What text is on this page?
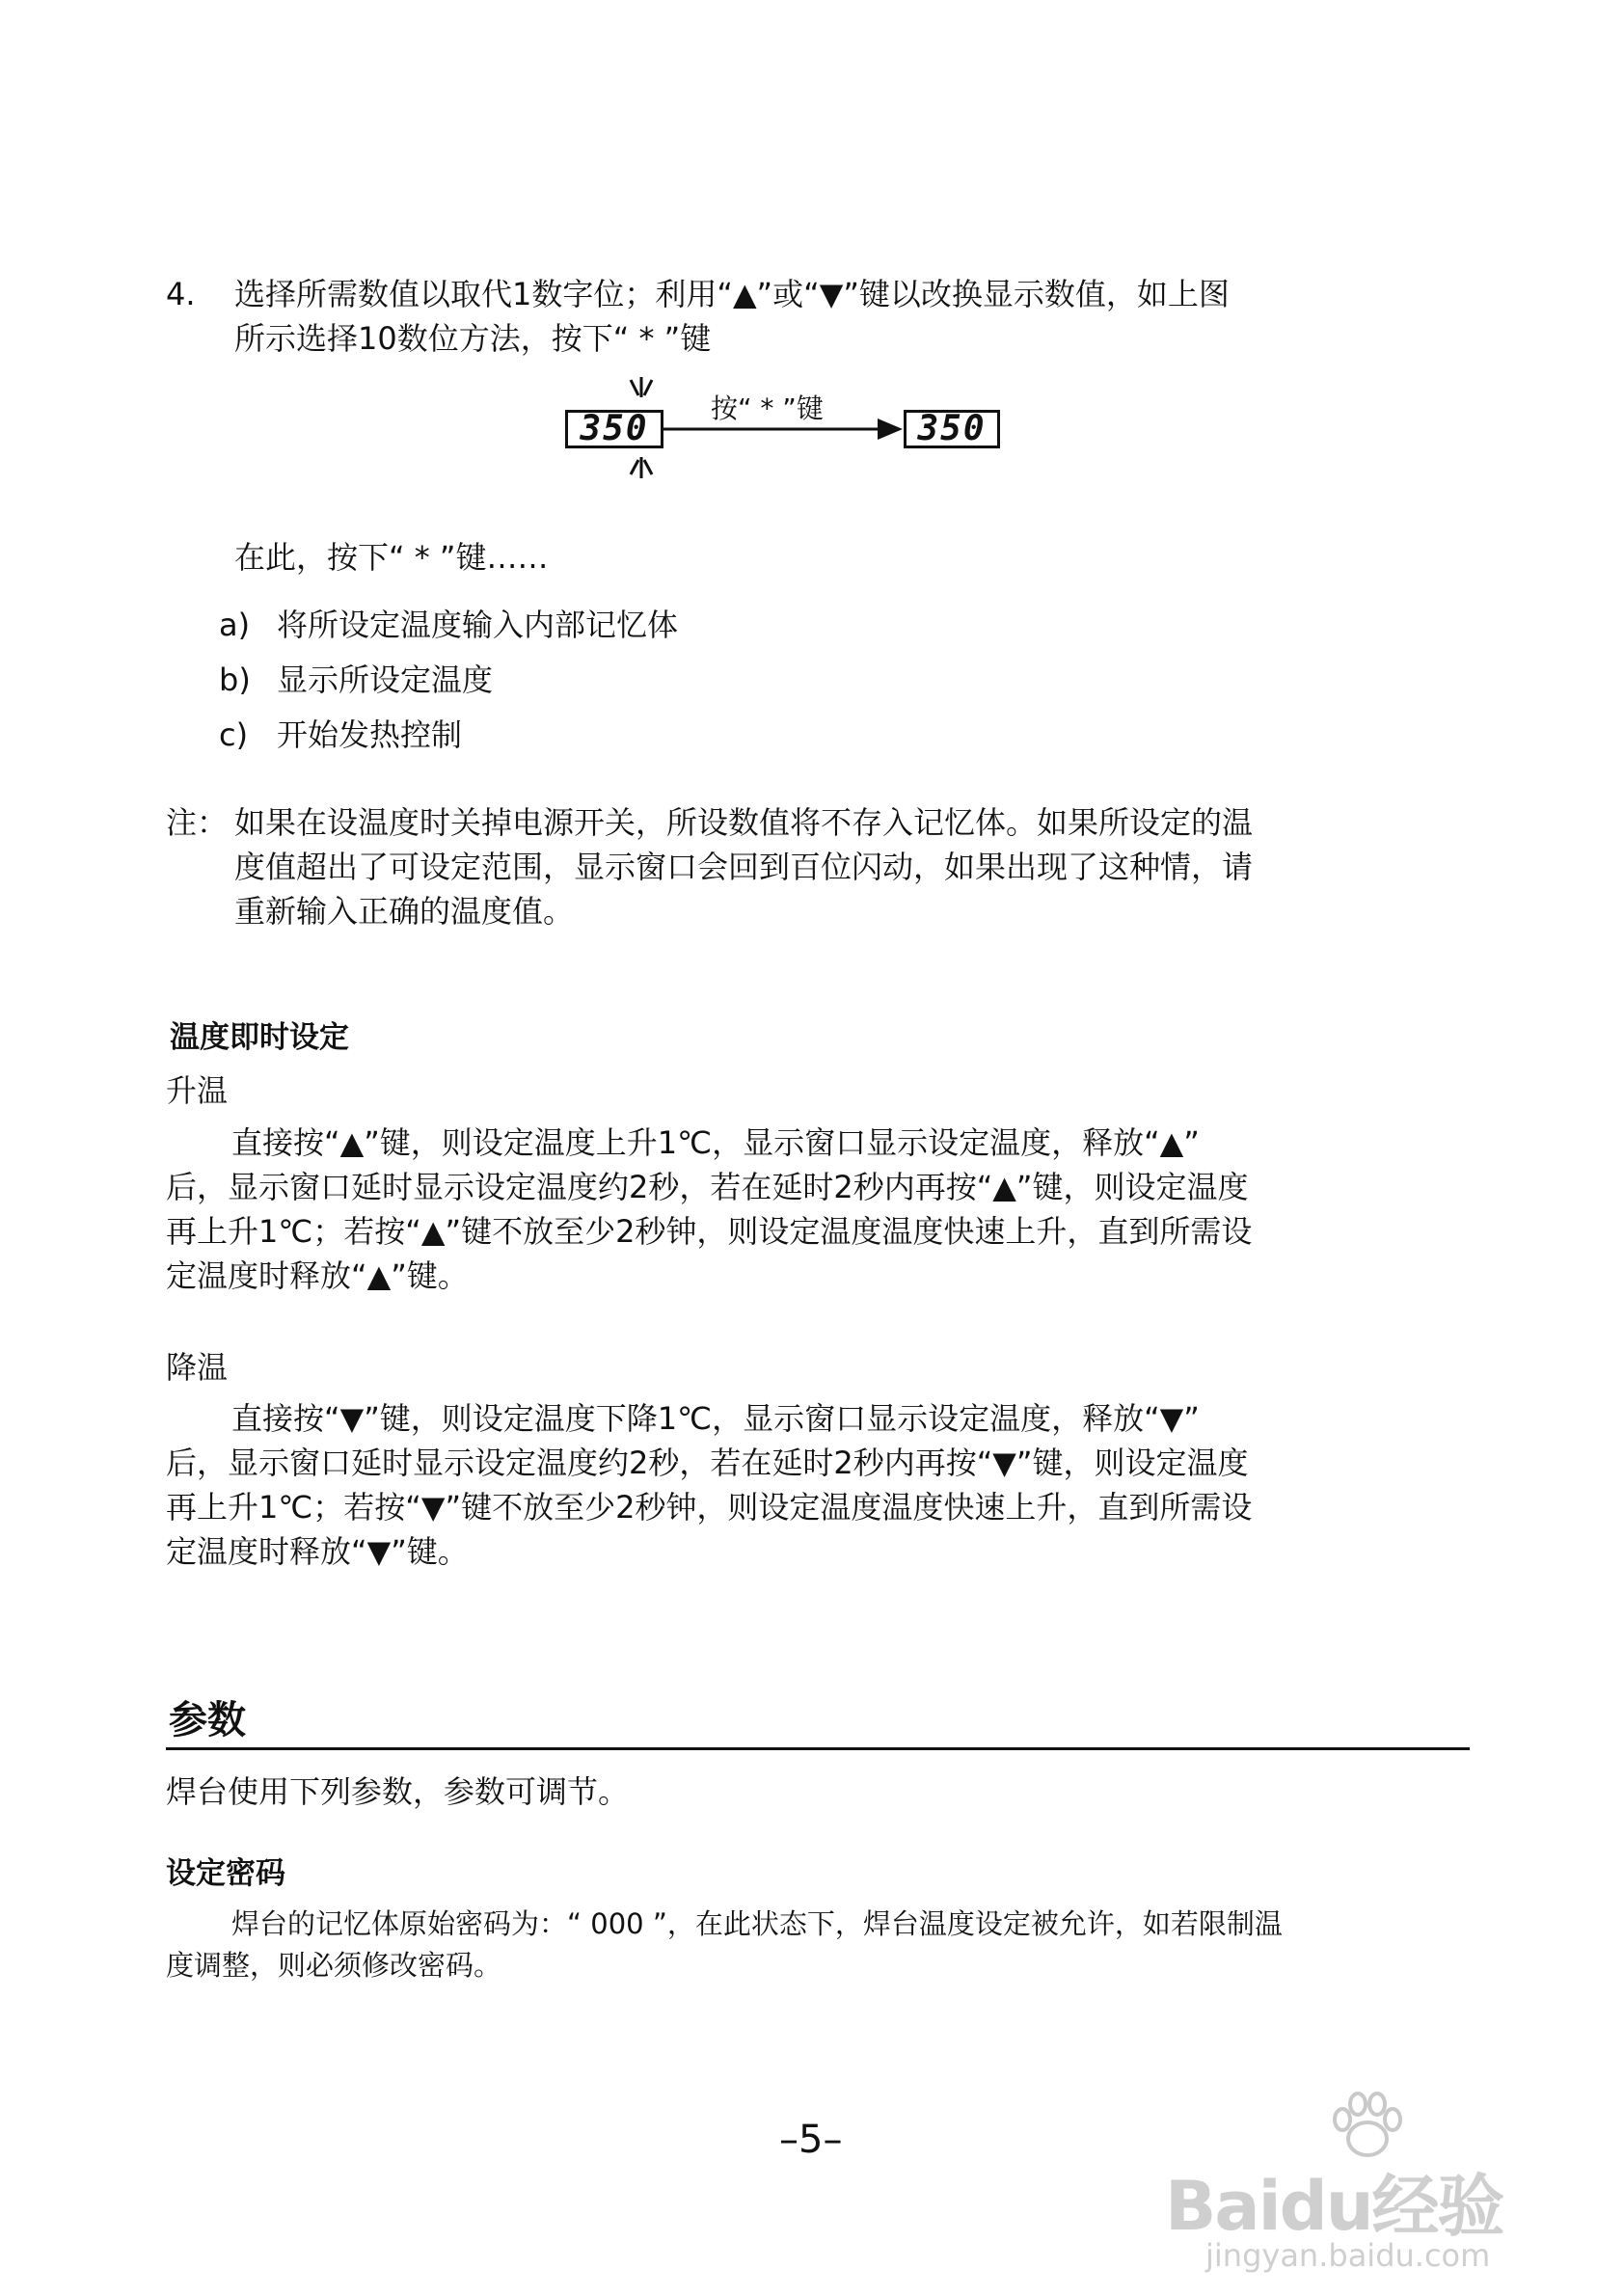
4. 选择所需数值以取代1数字位；利用“▲”或“▼”键以改换显示数值，如上图
所示选择10数位方法，按下“ * ”键
350
按“ * ”键
350
在此，按下“ * ”键……
a) 将所设定温度输入内部记忆体
b) 显示所设定温度
c) 开始发热控制
注： 如果在设温度时关掉电源开关，所设数值将不存入记忆体。如果所设定的温
度值超出了可设定范围，显示窗口会回到百位闪动，如果出现了这种情，请
重新输入正确的温度值。
温度即时设定
升温
直接按“▲”键，则设定温度上升1℃，显示窗口显示设定温度，释放“▲”
后，显示窗口延时显示设定温度约2秒，若在延时2秒内再按“▲”键，则设定温度
再上升1℃；若按“▲”键不放至少2秒钟，则设定温度温度快速上升，直到所需设
定温度时释放“▲”键。
降温
直接按“▼”键，则设定温度下降1℃，显示窗口显示设定温度，释放“▼”
后，显示窗口延时显示设定温度约2秒，若在延时2秒内再按“▼”键，则设定温度
再上升1℃；若按“▼”键不放至少2秒钟，则设定温度温度快速上升，直到所需设
定温度时释放“▼”键。
参数
焊台使用下列参数，参数可调节。
设定密码
焊台的记忆体原始密码为：“ 000 ”，在此状态下，焊台温度设定被允许，如若限制温
度调整，则必须修改密码。
–5–
Baidu经验
jingyan.baidu.com
